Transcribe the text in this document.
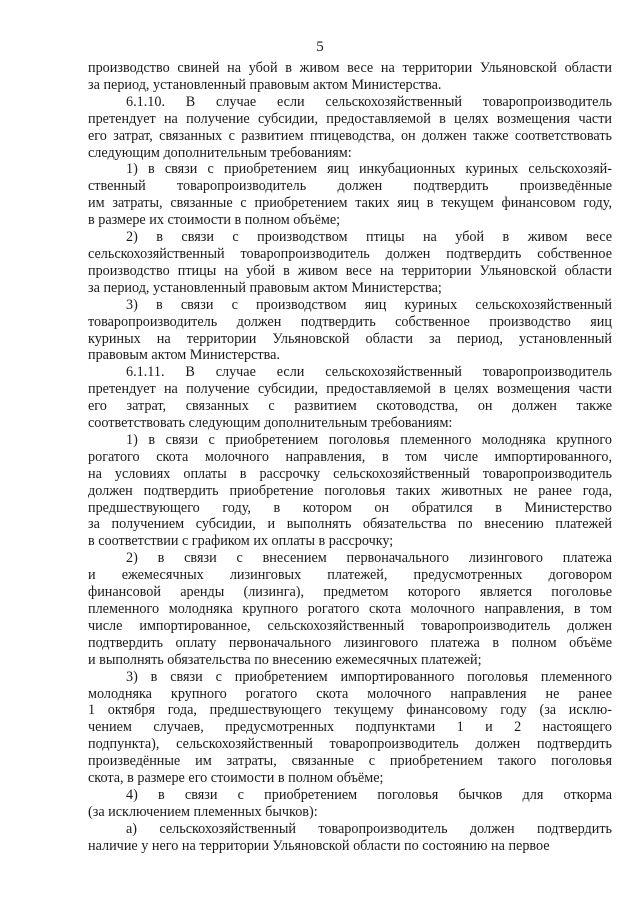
5

производство свиней на убой в живом весе на территории Ульяновской области

за период, установленный правовым актом Министерства.

6.1.10. В случае если сельскохозяйственный товаропроизводитель

претендует на получение субсидии, предоставляемой в целях возмещения части

его затрат, связанных с развитием птицеводства, он должен также соответствовать

следующим дополнительным требованиям:

1) в связи с приобретением яиц инкубационных куриных сельскохозяй-

ственный товаропроизводитель должен подтвердить произведённые

им затраты, связанные с приобретением таких яиц в текущем финансовом году,

в размере их стоимости в полном объёме;

2) в связи с производством птицы на убой в живом весе

сельскохозяйственный товаропроизводитель должен подтвердить собственное

производство птицы на убой в живом весе на территории Ульяновской области

за период, установленный правовым актом Министерства;

3) в связи с производством яиц куриных сельскохозяйственный

товаропроизводитель должен подтвердить собственное производство яиц

куриных на территории Ульяновской области за период, установленный

правовым актом Министерства.

6.1.11. В случае если сельскохозяйственный товаропроизводитель

претендует на получение субсидии, предоставляемой в целях возмещения части

его затрат, связанных с развитием скотоводства, он должен также

соответствовать следующим дополнительным требованиям:

1) в связи с приобретением поголовья племенного молодняка крупного

рогатого скота молочного направления, в том числе импортированного,

на условиях оплаты в рассрочку сельскохозяйственный товаропроизводитель

должен подтвердить приобретение поголовья таких животных не ранее года,

предшествующего году, в котором он обратился в Министерство

за получением субсидии, и выполнять обязательства по внесению платежей

в соответствии с графиком их оплаты в рассрочку;

2) в связи с внесением первоначального лизингового платежа

и ежемесячных лизинговых платежей, предусмотренных договором

финансовой аренды (лизинга), предметом которого является поголовье

племенного молодняка крупного рогатого скота молочного направления, в том

числе импортированное, сельскохозяйственный товаропроизводитель должен

подтвердить оплату первоначального лизингового платежа в полном объёме

и выполнять обязательства по внесению ежемесячных платежей;

3) в связи с приобретением импортированного поголовья племенного

молодняка крупного рогатого скота молочного направления не ранее

1 октября года, предшествующего текущему финансовому году (за исклю-

чением случаев, предусмотренных подпунктами 1 и 2 настоящего

подпункта), сельскохозяйственный товаропроизводитель должен подтвердить

произведённые им затраты, связанные с приобретением такого поголовья

скота, в размере его стоимости в полном объёме;

4) в связи с приобретением поголовья бычков для откорма

(за исключением племенных бычков):

а) сельскохозяйственный товаропроизводитель должен подтвердить

наличие у него на территории Ульяновской области по состоянию на первое
